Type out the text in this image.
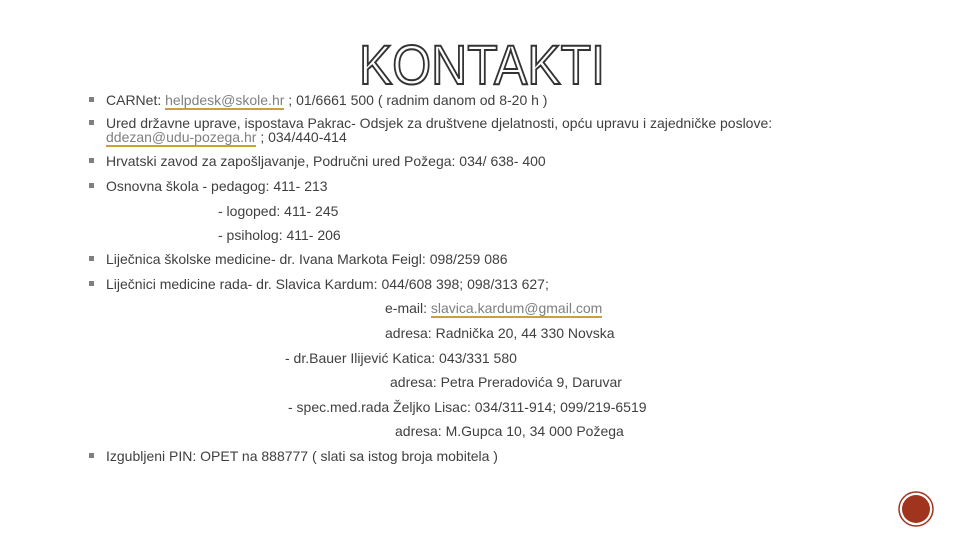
KONTAKTI
CARNet: helpdesk@skole.hr ; 01/6661 500 ( radnim danom od 8-20 h )
Ured državne uprave, ispostava Pakrac- Odsjek za društvene djelatnosti, opću upravu i zajedničke poslove:
ddezan@udu-pozega.hr ; 034/440-414
Hrvatski zavod za zapošljavanje, Područni ured Požega: 034/ 638- 400
Osnovna škola - pedagog: 411- 213
- logoped: 411- 245
- psiholog: 411- 206
Liječnica školske medicine- dr. Ivana Markota Feigl: 098/259 086
Liječnici medicine rada- dr. Slavica Kardum: 044/608 398; 098/313 627;
e-mail: slavica.kardum@gmail.com
adresa: Radnička 20, 44 330 Novska
- dr.Bauer Ilijević Katica: 043/331 580
adresa: Petra Preradovića 9, Daruvar
- spec.med.rada Željko Lisac: 034/311-914; 099/219-6519
adresa: M.Gupca 10, 34 000 Požega
Izgubljeni PIN: OPET na 888777 ( slati sa istog broja mobitela )
